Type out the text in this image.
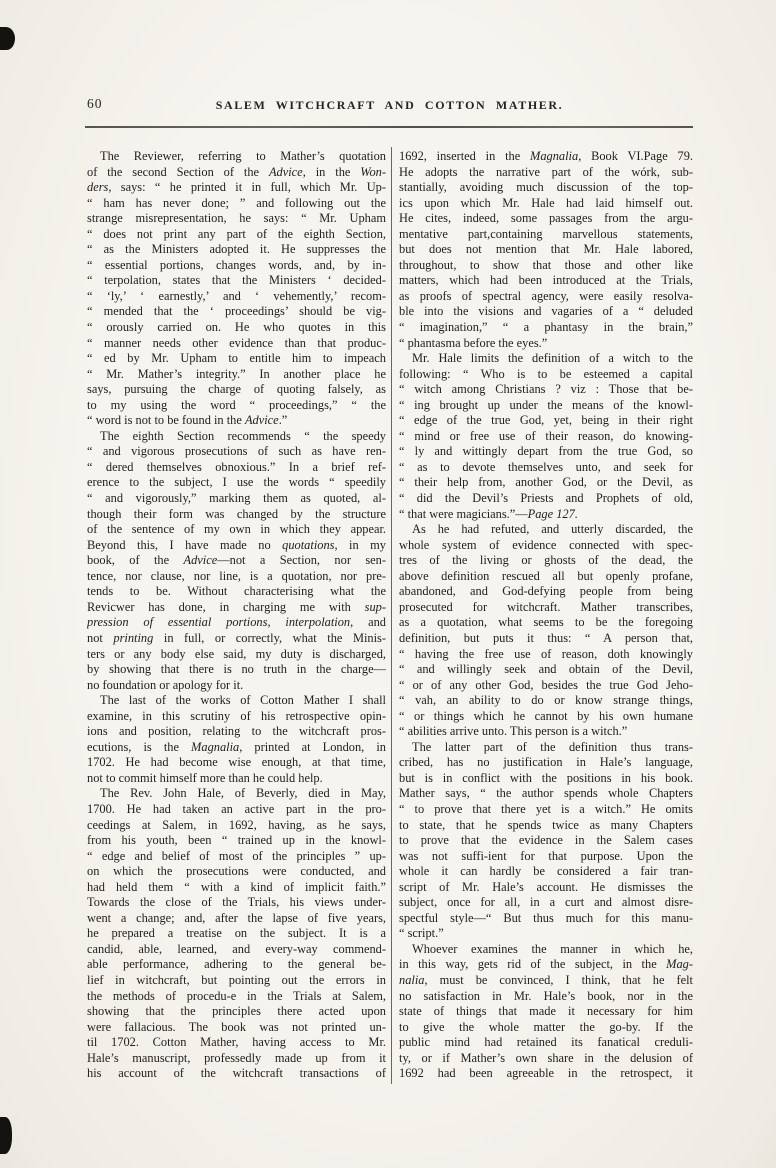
60	SALEM WITCHCRAFT AND COTTON MATHER.
The Reviewer, referring to Mather’s quotation
of the second Section of the Advice, in the Won-
ders, says: “ he printed it in full, which Mr. Up-
“ ham has never done; ” and following out the
strange misrepresentation, he says: “ Mr. Upham
“ does not print any part of the eighth Section,
“ as the Ministers adopted it. He suppresses the
“ essential portions, changes words, and, by in-
“ terpolation, states that the Ministers ‘ decided-
“ ‘ly,’ ‘ earnestly,’ and ‘ vehemently,’ recom-
“ mended that the ‘ proceedings’ should be vig-
“ orously carried on. He who quotes in this
“ manner needs other evidence than that produc-
“ ed by Mr. Upham to entitle him to impeach
“ Mr. Mather’s integrity.” In another place he
says, pursuing the charge of quoting falsely, as
to my using the word “ proceedings,” “ the
“ word is not to be found in the Advice.”
The eighth Section recommends “ the speedy
“ and vigorous prosecutions of such as have ren-
“ dered themselves obnoxious.” In a brief ref-
erence to the subject, I use the words “ speedily
“ and vigorously,” marking them as quoted, al-
though their form was changed by the structure
of the sentence of my own in which they appear.
Beyond this, I have made no quotations, in my
book, of the Advice—not a Section, nor sen-
tence, nor clause, nor line, is a quotation, nor pre-
tends to be. Without characterising what the
Revicwer has done, in charging me with sup-
pression of essential portions, interpolation, and
not printing in full, or correctly, what the Minis-
ters or any body else said, my duty is discharged,
by showing that there is no truth in the charge—
no foundation or apology for it.
The last of the works of Cotton Mather I shall
examine, in this scrutiny of his retrospective opin-
ions and position, relating to the witchcraft pros-
ecutions, is the Magnalia, printed at London, in
1702. He had become wise enough, at that time,
not to commit himself more than he could help.
The Rev. John Hale, of Beverly, died in May,
1700. He had taken an active part in the pro-
ceedings at Salem, in 1692, having, as he says,
from his youth, been “ trained up in the knowl-
“ edge and belief of most of the principles ” up-
on which the prosecutions were conducted, and
had held them “ with a kind of implicit faith.”
Towards the close of the Trials, his views under-
went a change; and, after the lapse of five years,
he prepared a treatise on the subject. It is a
candid, able, learned, and every-way commend-
able performance, adhering to the general be-
lief in witchcraft, but pointing out the errors in
the methods of procedu-e in the Trials at Salem,
showing that the principles there acted upon
were fallacious. The book was not printed un-
til 1702. Cotton Mather, having access to Mr.
Hale’s manuscript, professedly made up from it
his account of the witchcraft transactions of
1692, inserted in the Magnalia, Book VI.Page 79.
He adopts the narrative part of the wórk, sub-
stantially, avoiding much discussion of the top-
ics upon which Mr. Hale had laid himself out.
He cites, indeed, some passages from the argu-
mentative part,containing marvellous statements,
but does not mention that Mr. Hale labored,
throughout, to show that those and other like
matters, which had been introduced at the Trials,
as proofs of spectral agency, were easily resolva-
ble into the visions and vagaries of a “ deluded
“ imagination,” “ a phantasy in the brain,”
“ phantasma before the eyes.”
Mr. Hale limits the definition of a witch to the
following: “ Who is to be esteemed a capital
“ witch among Christians ? viz : Those that be-
“ ing brought up under the means of the knowl-
“ edge of the true God, yet, being in their right
“ mind or free use of their reason, do knowing-
“ ly and wittingly depart from the true God, so
“ as to devote themselves unto, and seek for
“ their help from, another God, or the Devil, as
“ did the Devil’s Priests and Prophets of old,
“ that were magicians.”—Page 127.
As he had refuted, and utterly discarded, the
whole system of evidence connected with spec-
tres of the living or ghosts of the dead, the
above definition rescued all but openly profane,
abandoned, and God-defying people from being
prosecuted for witchcraft. Mather transcribes,
as a quotation, what seems to be the foregoing
definition, but puts it thus: “ A person that,
“ having the free use of reason, doth knowingly
“ and willingly seek and obtain of the Devil,
“ or of any other God, besides the true God Jeho-
“ vah, an ability to do or know strange things,
“ or things which he cannot by his own humane
“ abilities arrive unto. This person is a witch.”
The latter part of the definition thus trans-
cribed, has no justification in Hale’s language,
but is in conflict with the positions in his book.
Mather says, “ the author spends whole Chapters
“ to prove that there yet is a witch.” He omits
to state, that he spends twice as many Chapters
to prove that the evidence in the Salem cases
was not suffi-ient for that purpose. Upon the
whole it can hardly be considered a fair tran-
script of Mr. Hale’s account. He dismisses the
subject, once for all, in a curt and almost disre-
spectful style—“ But thus much for this manu-
“ script.”
Whoever examines the manner in which he,
in this way, gets rid of the subject, in the Mag-
nalia, must be convinced, I think, that he felt
no satisfaction in Mr. Hale’s book, nor in the
state of things that made it necessary for him
to give the whole matter the go-by. If the
public mind had retained its fanatical creduli-
ty, or if Mather’s own share in the delusion of
1692 had been agreeable in the retrospect, it
